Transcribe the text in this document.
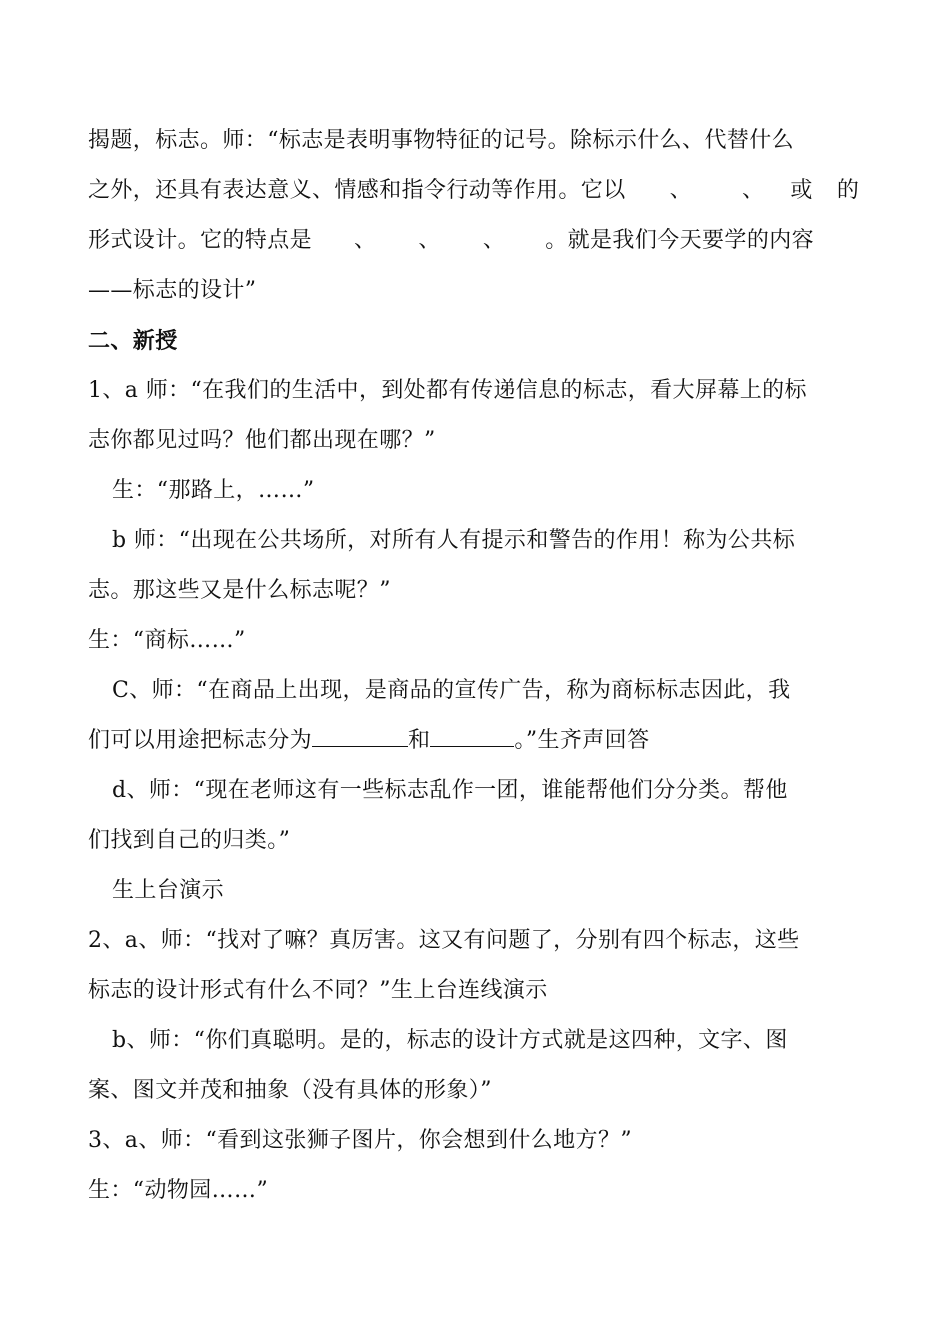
揭题，标志。师：“标志是表明事物特征的记号。除标示什么、代替什么
之外，还具有表达意义、情感和指令行动等作用。它以 、 、 或 的
形式设计。它的特点是 、 、 、 。就是我们今天要学的内容
——标志的设计”
二、新授
1、a 师：“在我们的生活中，到处都有传递信息的标志，看大屏幕上的标
志你都见过吗？他们都出现在哪？”
生：“那路上，……”
b 师：“出现在公共场所，对所有人有提示和警告的作用！称为公共标
志。那这些又是什么标志呢？”
生：“商标……”
C、师：“在商品上出现，是商品的宣传广告，称为商标标志因此，我
们可以用途把标志分为	和	。”生齐声回答
d、师：“现在老师这有一些标志乱作一团，谁能帮他们分分类。帮他
们找到自己的归类。”
生上台演示
2、a、师：“找对了嘛？真厉害。这又有问题了，分别有四个标志，这些
标志的设计形式有什么不同？”生上台连线演示
b、师：“你们真聪明。是的，标志的设计方式就是这四种，文字、图
案、图文并茂和抽象（没有具体的形象）”
3、a、师：“看到这张狮子图片，你会想到什么地方？”
生：“动物园……”
